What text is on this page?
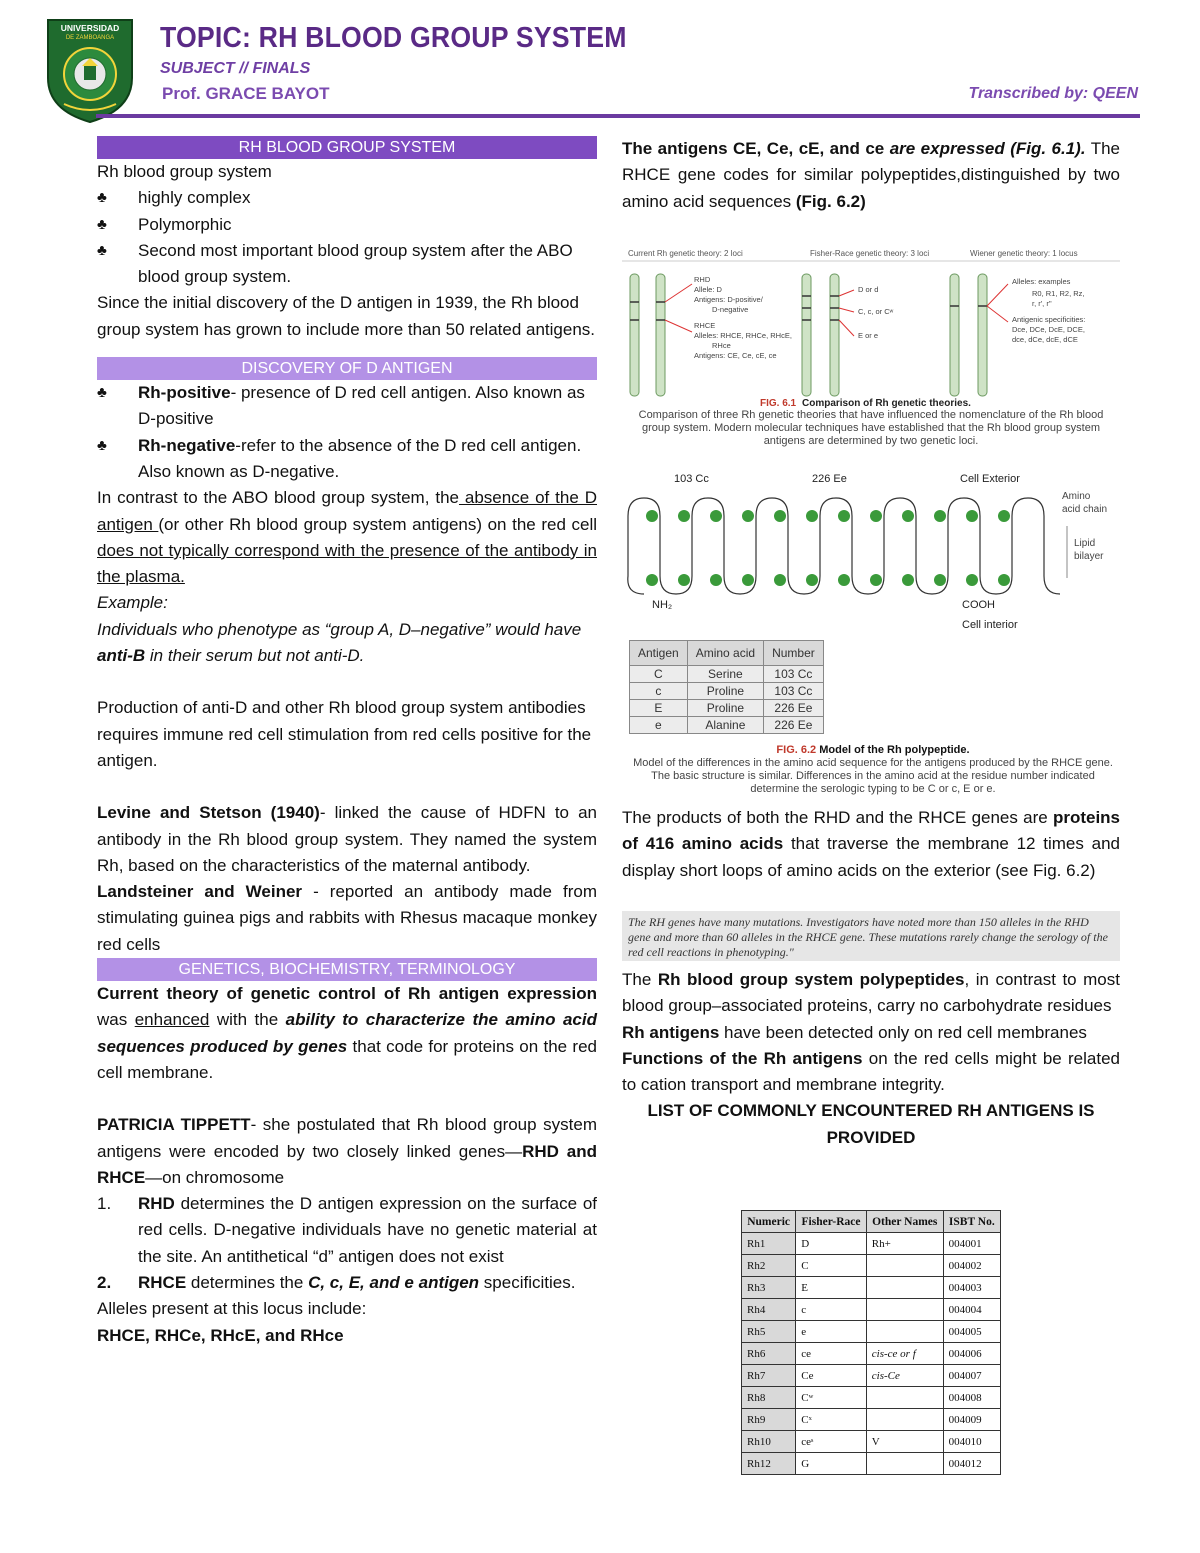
UNIVERSIDAD
DE ZAMBOANGA TOPIC: RH BLOOD GROUP SYSTEM
SUBJECT // FINALS
Prof. GRACE BAYOT	Transcribed by: QEEN
RH BLOOD GROUP SYSTEM
Rh blood group system
♣	highly complex
♣	Polymorphic
♣	Second most important blood group system after the ABO blood group system.
Since the initial discovery of the D antigen in 1939, the Rh blood group system has grown to include more than 50 related antigens.
DISCOVERY OF D ANTIGEN
♣	Rh-positive- presence of D red cell antigen. Also known as D-positive
♣	Rh-negative-refer to the absence of the D red cell antigen. Also known as D-negative.
In contrast to the ABO blood group system, the absence of the D antigen (or other Rh blood group system antigens) on the red cell does not typically correspond with the presence of the antibody in the plasma.
Example:
Individuals who phenotype as “group A, D–negative” would have anti-B in their serum but not anti-D.
Production of anti-D and other Rh blood group system antibodies requires immune red cell stimulation from red cells positive for the antigen.
Levine and Stetson (1940)- linked the cause of HDFN to an antibody in the Rh blood group system. They named the system Rh, based on the characteristics of the maternal antibody.
Landsteiner and Weiner - reported an antibody made from stimulating guinea pigs and rabbits with Rhesus macaque monkey red cells
GENETICS, BIOCHEMISTRY, TERMINOLOGY
Current theory of genetic control of Rh antigen expression was enhanced with the ability to characterize the amino acid sequences produced by genes that code for proteins on the red cell membrane.
PATRICIA TIPPETT- she postulated that Rh blood group system antigens were encoded by two closely linked genes—RHD and RHCE—on chromosome
1.	RHD determines the D antigen expression on the surface of red cells. D-negative individuals have no genetic material at the site. An antithetical “d” antigen does not exist
2.	RHCE determines the C, c, E, and e antigen specificities.
Alleles present at this locus include:
RHCE, RHCe, RHcE, and RHce
The antigens CE, Ce, cE, and ce are expressed (Fig. 6.1). The RHCE gene codes for similar polypeptides,distinguished by two amino acid sequences (Fig. 6.2)
Current Rh genetic theory: 2 loci	Fisher-Race genetic theory: 3 loci	Wiener genetic theory: 1 locus
RHD
Allele: D
Antigens: D-positive/
D-negative
RHCE
Alleles: RHCE, RHCe, RHcE,
RHce
Antigens: CE, Ce, cE, ce
D or d
C, c, or Cʷ
E or e
Alleles: examples
R0, R1, R2, Rz,
r, r', r''
Antigenic specificities:
Dce, DCe, DcE, DCE,
dce, dCe, dcE, dCE
FIG. 6.1 Comparison of Rh genetic theories.
Comparison of three Rh genetic theories that have influenced the nomenclature of the Rh blood group system. Modern molecular techniques have established that the Rh blood group system antigens are determined by two genetic loci.
103 Cc	226 Ee	Cell Exterior
Amino
acid chain
Lipid
bilayer
NH₂	COOH
Cell interior
Antigen	Amino acid	Number
C	Serine	103 Cc
c	Proline	103 Cc
E	Proline	226 Ee
e	Alanine	226 Ee
FIG. 6.2 Model of the Rh polypeptide.
Model of the differences in the amino acid sequence for the antigens produced by the RHCE gene. The basic structure is similar. Differences in the amino acid at the residue number indicated determine the serologic typing to be C or c, E or e.
The products of both the RHD and the RHCE genes are proteins of 416 amino acids that traverse the membrane 12 times and display short loops of amino acids on the exterior (see Fig. 6.2)
The RH genes have many mutations. Investigators have noted more than 150 alleles in the RHD gene and more than 60 alleles in the RHCE gene. These mutations rarely change the serology of the red cell reactions in phenotyping."
The Rh blood group system polypeptides, in contrast to most blood group–associated proteins, carry no carbohydrate residues
Rh antigens have been detected only on red cell membranes
Functions of the Rh antigens on the red cells might be related to cation transport and membrane integrity.
LIST OF COMMONLY ENCOUNTERED RH ANTIGENS IS PROVIDED
Numeric	Fisher-Race	Other Names	ISBT No.
Rh1	D	Rh+	004001
Rh2	C		004002
Rh3	E		004003
Rh4	c		004004
Rh5	e		004005
Rh6	ce	cis-ce or f	004006
Rh7	Ce	cis-Ce	004007
Rh8	Cʷ		004008
Rh9	Cˣ		004009
Rh10	ceˢ	V	004010
Rh12	G		004012
